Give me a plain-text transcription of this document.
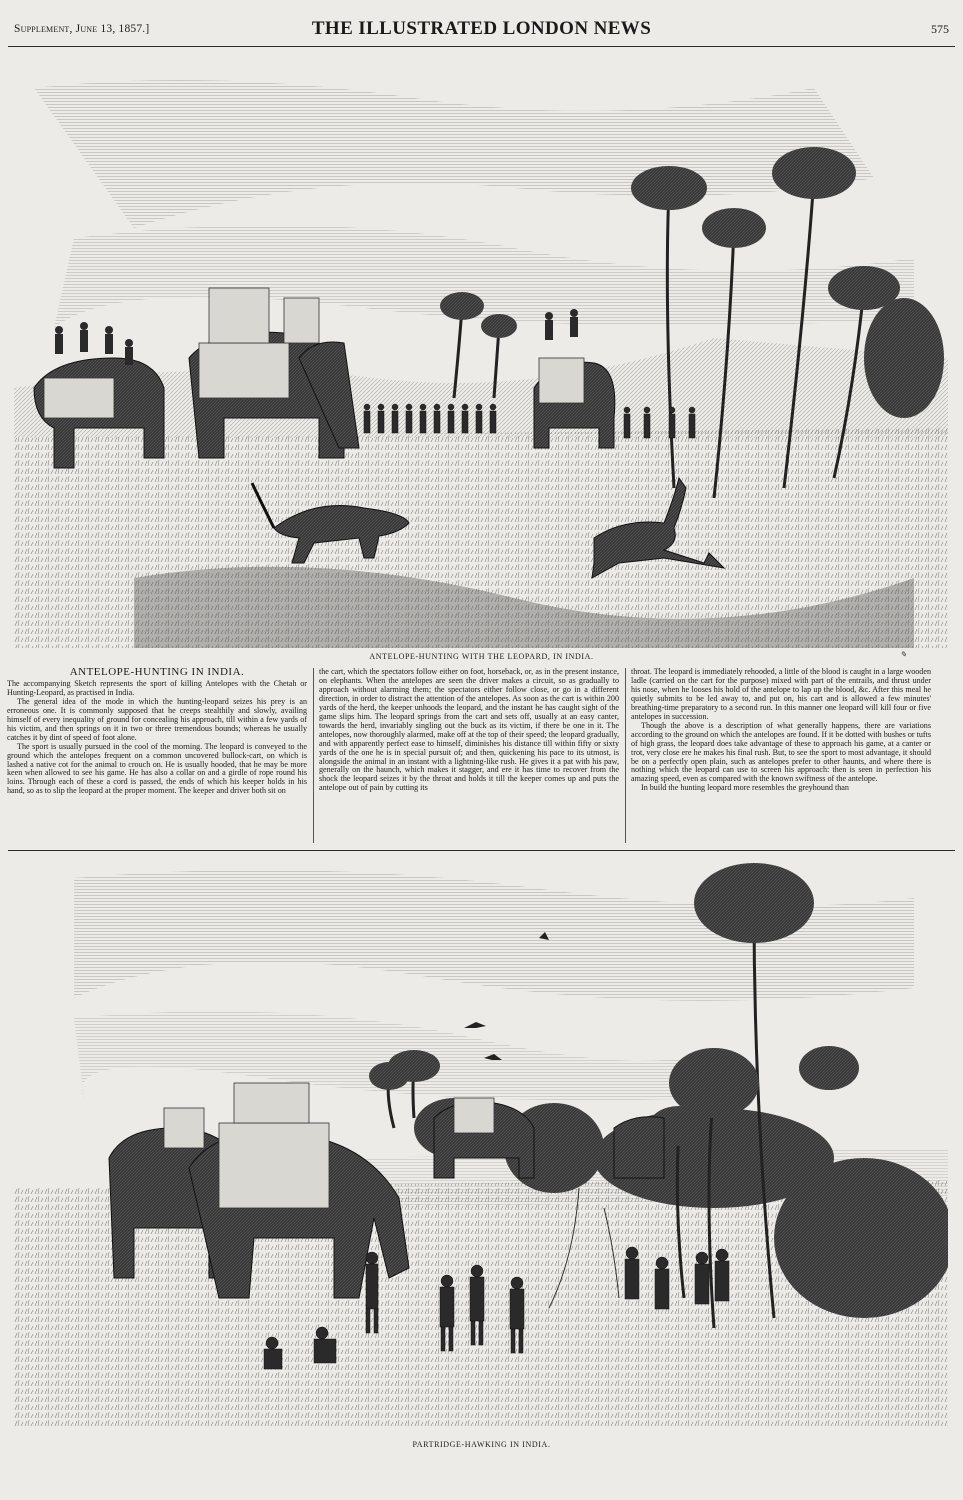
Supplement, June 13, 1857.]	THE ILLUSTRATED LONDON NEWS	575
ANTELOPE-HUNTING WITH THE LEOPARD, IN INDIA.	✎
ANTELOPE-HUNTING IN INDIA.

The accompanying Sketch represents the sport of killing Antelopes with the Chetah or Hunting-Leopard, as practised in India.

The general idea of the mode in which the hunting-leopard seizes his prey is an erroneous one. It is commonly supposed that he creeps stealthily and slowly, availing himself of every inequality of ground for concealing his approach, till within a few yards of his victim, and then springs on it in two or three tremendous bounds; whereas he usually catches it by dint of speed of foot alone.

The sport is usually pursued in the cool of the morning. The leopard is conveyed to the ground which the antelopes frequent on a common uncovered bullock-cart, on which is lashed a native cot for the animal to crouch on. He is usually hooded, that he may be more keen when allowed to see his game. He has also a collar on and a girdle of rope round his loins. Through each of these a cord is passed, the ends of which his keeper holds in his hand, so as to slip the leopard at the proper moment. The keeper and driver both sit on

the cart, which the spectators follow either on foot, horseback, or, as in the present instance, on elephants. When the antelopes are seen the driver makes a circuit, so as gradually to approach without alarming them; the spectators either follow close, or go in a different direction, in order to distract the attention of the antelopes. As soon as the cart is within 200 yards of the herd, the keeper unhoods the leopard, and the instant he has caught sight of the game slips him. The leopard springs from the cart and sets off, usually at an easy canter, towards the herd, invariably singling out the buck as its victim, if there be one in it. The antelopes, now thoroughly alarmed, make off at the top of their speed; the leopard gradually, and with apparently perfect ease to himself, diminishes his distance till within fifty or sixty yards of the one he is in special pursuit of; and then, quickening his pace to its utmost, is alongside the animal in an instant with a lightning-like rush. He gives it a pat with his paw, generally on the haunch, which makes it stagger, and ere it has time to recover from the shock the leopard seizes it by the throat and holds it till the keeper comes up and puts the antelope out of pain by cutting its

throat. The leopard is immediately rehooded, a little of the blood is caught in a large wooden ladle (carried on the cart for the purpose) mixed with part of the entrails, and thrust under his nose, when he looses his hold of the antelope to lap up the blood, &c. After this meal he quietly submits to be led away to, and put on, his cart and is allowed a few minutes' breathing-time preparatory to a second run. In this manner one leopard will kill four or five antelopes in succession.

Though the above is a description of what generally happens, there are variations according to the ground on which the antelopes are found. If it be dotted with bushes or tufts of high grass, the leopard does take advantage of these to approach his game, at a canter or trot, very close ere he makes his final rush. But, to see the sport to most advantage, it should be on a perfectly open plain, such as antelopes prefer to other haunts, and where there is nothing which the leopard can use to screen his approach: then is seen in perfection his amazing speed, even as compared with the known swiftness of the antelope.

In build the hunting leopard more resembles the greyhound than

PARTRIDGE-HAWKING IN INDIA.
